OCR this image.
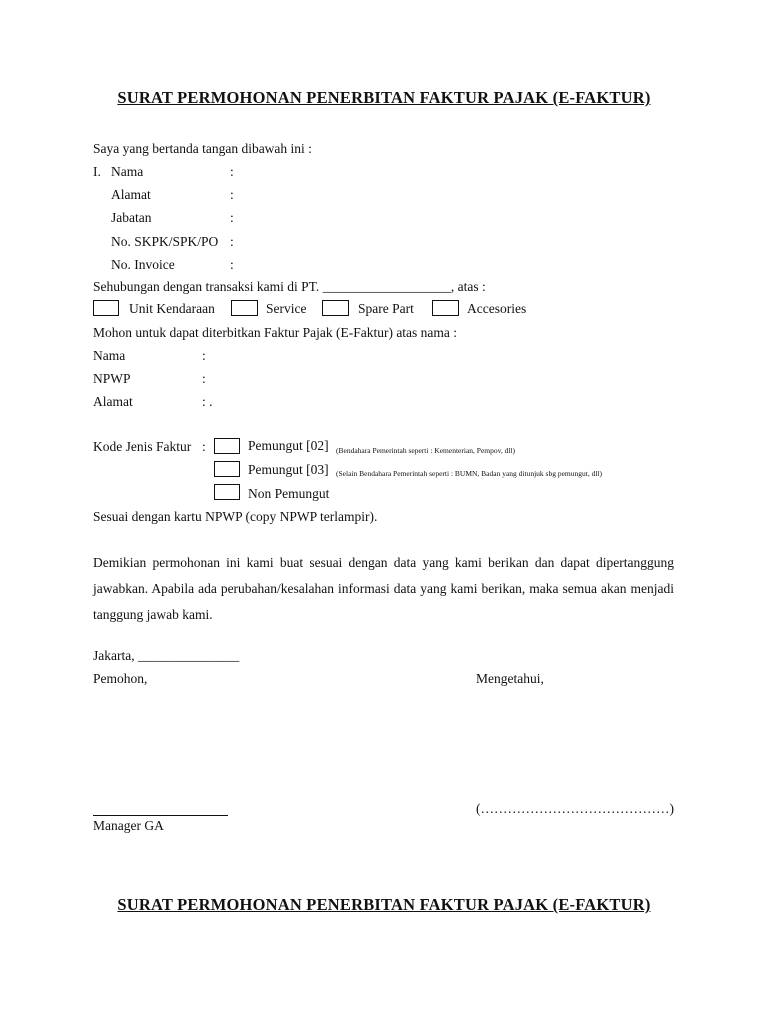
SURAT PERMOHONAN PENERBITAN FAKTUR PAJAK (E-FAKTUR)
Saya yang bertanda tangan dibawah ini :
I. Nama	:
Alamat	:
Jabatan	:
No. SKPK/SPK/PO :
No. Invoice	:
Sehubungan dengan transaksi kami di PT. ___________________, atas :
Unit Kendaraan	Service	Spare Part	Accesories
Mohon untuk dapat diterbitkan Faktur Pajak (E-Faktur) atas nama :
Nama	:
NPWP	:
Alamat	: .
Kode Jenis Faktur :	Pemungut [02] (Bendahara Pemerintah seperti : Kementerian, Pempov, dll)
Pemungut [03] (Selain Bendahara Pemerintah seperti : BUMN, Badan yang ditunjuk sbg pemungut, dll)
Non Pemungut
Sesuai dengan kartu NPWP (copy NPWP terlampir).
Demikian permohonan ini kami buat sesuai dengan data yang kami berikan dan dapat dipertanggung jawabkan. Apabila ada perubahan/kesalahan informasi data yang kami berikan, maka semua akan menjadi tanggung jawab kami.
Jakarta, _______________
Pemohon,	Mengetahui,
(……………………………………)
Manager GA
SURAT PERMOHONAN PENERBITAN FAKTUR PAJAK (E-FAKTUR)
